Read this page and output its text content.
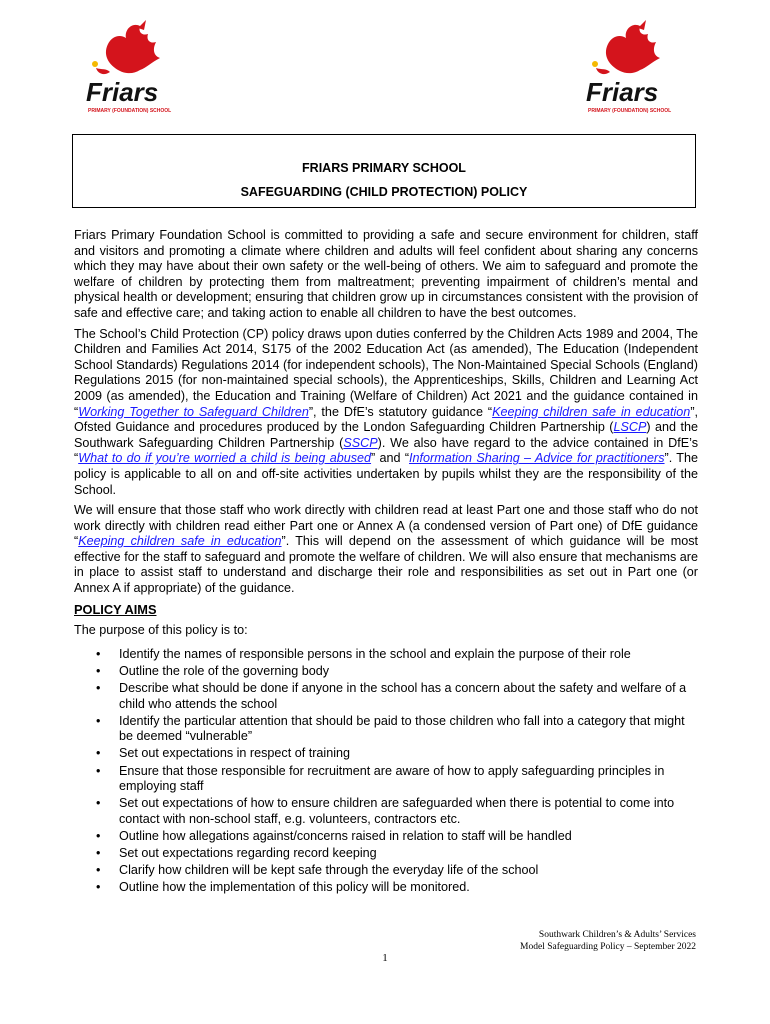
Friars
PRIMARY (FOUNDATION) SCHOOL
Friars
PRIMARY (FOUNDATION) SCHOOL
FRIARS PRIMARY SCHOOL
SAFEGUARDING (CHILD PROTECTION) POLICY

Friars Primary Foundation School is committed to providing a safe and secure environment for children, staff and visitors and promoting a climate where children and adults will feel confident about sharing any concerns which they may have about their own safety or the well-being of others. We aim to safeguard and promote the welfare of children by protecting them from maltreatment; preventing impairment of children’s mental and physical health or development; ensuring that children grow up in circumstances consistent with the provision of safe and effective care; and taking action to enable all children to have the best outcomes.

The School’s Child Protection (CP) policy draws upon duties conferred by the Children Acts 1989 and 2004, The Children and Families Act 2014, S175 of the 2002 Education Act (as amended), The Education (Independent School Standards) Regulations 2014 (for independent schools), The Non-Maintained Special Schools (England) Regulations 2015 (for non-maintained special schools), the Apprenticeships, Skills, Children and Learning Act 2009 (as amended), the Education and Training (Welfare of Children) Act 2021 and the guidance contained in “Working Together to Safeguard Children”, the DfE’s statutory guidance “Keeping children safe in education”, Ofsted Guidance and procedures produced by the London Safeguarding Children Partnership (LSCP) and the Southwark Safeguarding Children Partnership (SSCP). We also have regard to the advice contained in DfE’s “What to do if you’re worried a child is being abused” and “Information Sharing – Advice for practitioners”. The policy is applicable to all on and off-site activities undertaken by pupils whilst they are the responsibility of the School.

We will ensure that those staff who work directly with children read at least Part one and those staff who do not work directly with children read either Part one or Annex A (a condensed version of Part one) of DfE guidance “Keeping children safe in education”. This will depend on the assessment of which guidance will be most effective for the staff to safeguard and promote the welfare of children. We will also ensure that mechanisms are in place to assist staff to understand and discharge their role and responsibilities as set out in Part one (or Annex A if appropriate) of the guidance.

POLICY AIMS
The purpose of this policy is to:
• Identify the names of responsible persons in the school and explain the purpose of their role
• Outline the role of the governing body
• Describe what should be done if anyone in the school has a concern about the safety and welfare of a child who attends the school
• Identify the particular attention that should be paid to those children who fall into a category that might be deemed “vulnerable”
• Set out expectations in respect of training
• Ensure that those responsible for recruitment are aware of how to apply safeguarding principles in employing staff
• Set out expectations of how to ensure children are safeguarded when there is potential to come into contact with non-school staff, e.g. volunteers, contractors etc.
• Outline how allegations against/concerns raised in relation to staff will be handled
• Set out expectations regarding record keeping
• Clarify how children will be kept safe through the everyday life of the school
• Outline how the implementation of this policy will be monitored.
Southwark Children’s & Adults’ Services
Model Safeguarding Policy – September 2022
1
